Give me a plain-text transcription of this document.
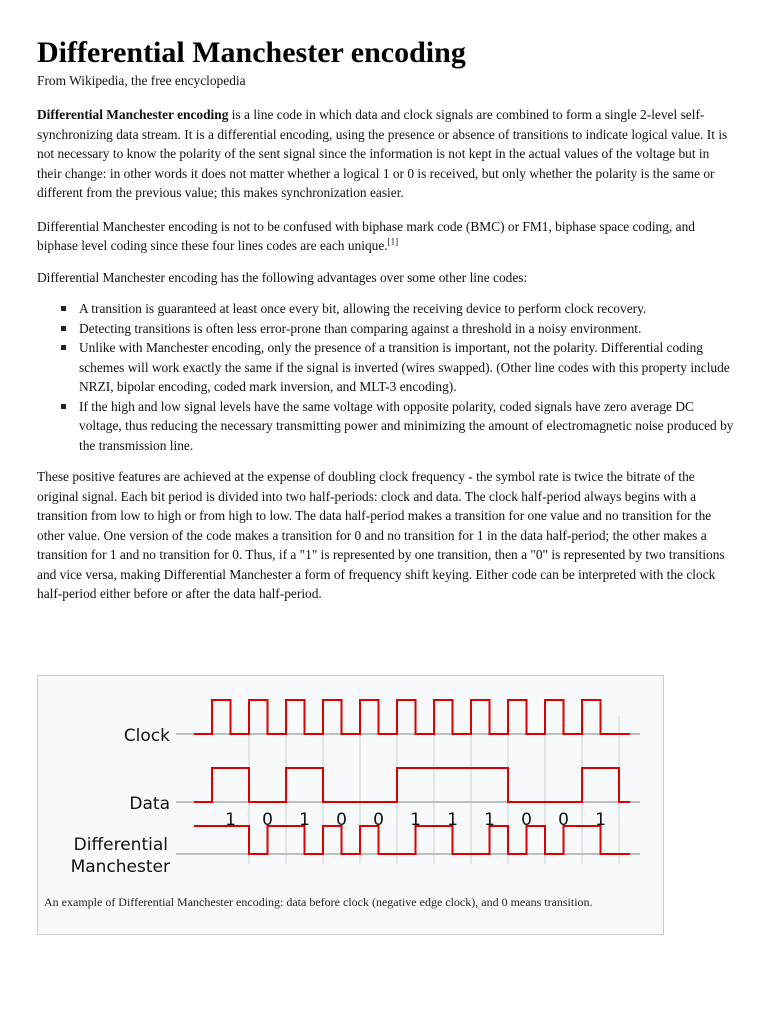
Differential Manchester encoding
From Wikipedia, the free encyclopedia

Differential Manchester encoding is a line code in which data and clock signals are combined to form a single 2-level self-synchronizing data stream. It is a differential encoding, using the presence or absence of transitions to indicate logical value. It is not necessary to know the polarity of the sent signal since the information is not kept in the actual values of the voltage but in their change: in other words it does not matter whether a logical 1 or 0 is received, but only whether the polarity is the same or different from the previous value; this makes synchronization easier.

Differential Manchester encoding is not to be confused with biphase mark code (BMC) or FM1, biphase space coding, and biphase level coding since these four lines codes are each unique.[1]

Differential Manchester encoding has the following advantages over some other line codes:

A transition is guaranteed at least once every bit, allowing the receiving device to perform clock recovery.
Detecting transitions is often less error-prone than comparing against a threshold in a noisy environment.
Unlike with Manchester encoding, only the presence of a transition is important, not the polarity. Differential coding schemes will work exactly the same if the signal is inverted (wires swapped). (Other line codes with this property include NRZI, bipolar encoding, coded mark inversion, and MLT-3 encoding).
If the high and low signal levels have the same voltage with opposite polarity, coded signals have zero average DC voltage, thus reducing the necessary transmitting power and minimizing the amount of electromagnetic noise produced by the transmission line.

These positive features are achieved at the expense of doubling clock frequency - the symbol rate is twice the bitrate of the original signal. Each bit period is divided into two half-periods: clock and data. The clock half-period always begins with a transition from low to high or from high to low. The data half-period makes a transition for one value and no transition for the other value. One version of the code makes a transition for 0 and no transition for 1 in the data half-period; the other makes a transition for 1 and no transition for 0. Thus, if a "1" is represented by one transition, then a "0" is represented by two transitions and vice versa, making Differential Manchester a form of frequency shift keying. Either code can be interpreted with the clock half-period either before or after the data half-period.

Clock
Data
Differential
Manchester
1 0 1 0 0 1 1 1 0 0 1
An example of Differential Manchester encoding: data before clock (negative edge clock), and 0 means transition.
